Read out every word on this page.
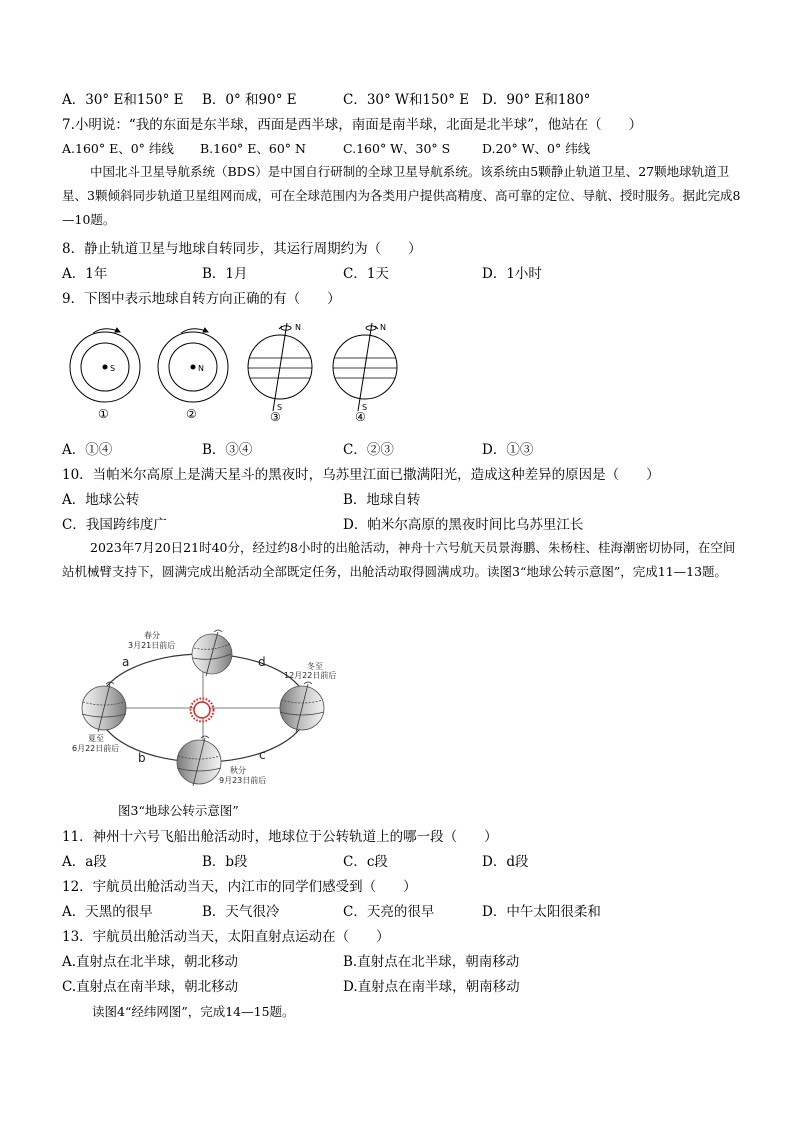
A．30° E和150° E B．0° 和90° E	C．30° W和150° E D．90° E和180°
7.小明说：“我的东面是东半球，西面是西半球，南面是南半球，北面是北半球”，他站在（　　）
A.160° E、0° 纬线 B.160° E、60° N	C.160° W、30° S	D.20° W、0° 纬线
中国北斗卫星导航系统（BDS）是中国自行研制的全球卫星导航系统。该系统由5颗静止轨道卫星、27颗地球轨道卫星、3颗倾斜同步轨道卫星组网而成，可在全球范围内为各类用户提供高精度、高可靠的定位、导航、授时服务。据此完成8—10题。
8．静止轨道卫星与地球自转同步，其运行周期约为（　　）
A．1年	B．1月	C．1天	D．1小时
9．下图中表示地球自转方向正确的有（　　）
S
①
N
②
N
S
③
N
S
④
A．①④	B．③④	C．②③	D．①③
10．当帕米尔高原上是满天星斗的黑夜时，乌苏里江面已撒满阳光，造成这种差异的原因是（　　）
A．地球公转	B．地球自转
C．我国跨纬度广	D．帕米尔高原的黑夜时间比乌苏里江长
2023年7月20日21时40分，经过约8小时的出舱活动，神舟十六号航天员景海鹏、朱杨柱、桂海潮密切协同，在空间站机械臂支持下，圆满完成出舱活动全部既定任务，出舱活动取得圆满成功。读图3“地球公转示意图”，完成11—13题。
春分
3月21日前后
冬至
12月22日前后
夏至
6月22日前后
秋分
9月23日前后
a
b	c
d
图3“地球公转示意图”
11．神州十六号飞船出舱活动时，地球位于公转轨道上的哪一段（　　）
A．a段	B．b段	C．c段	D．d段
12．宇航员出舱活动当天，内江市的同学们感受到（　　）
A．天黑的很早	B．天气很冷	C．天亮的很早	D．中午太阳很柔和
13．宇航员出舱活动当天，太阳直射点运动在（　　）
A.直射点在北半球，朝北移动	B.直射点在北半球，朝南移动
C.直射点在南半球，朝北移动	D.直射点在南半球，朝南移动
读图4“经纬网图”，完成14—15题。
